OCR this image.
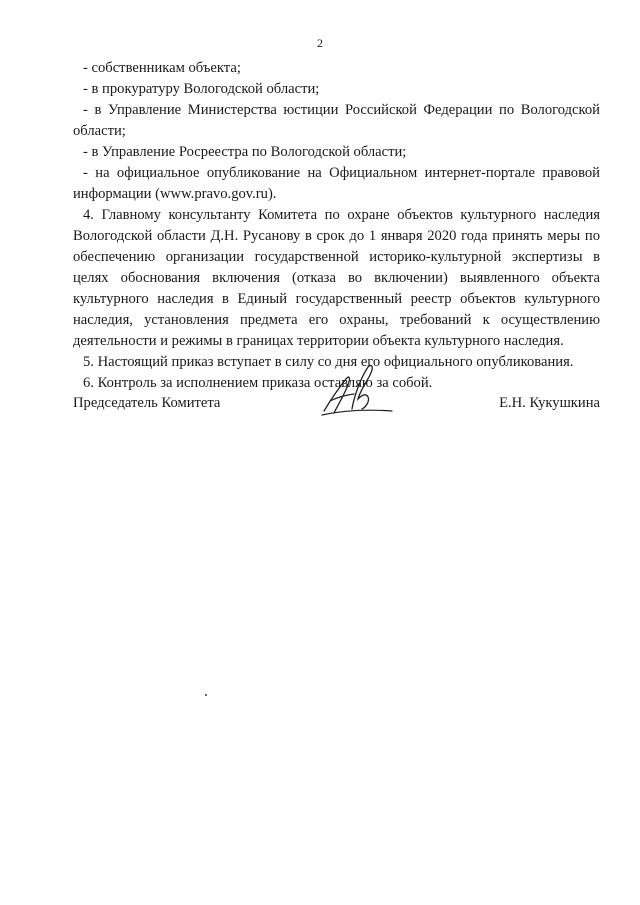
2

- собственникам объекта;

- в прокуратуру Вологодской области;

- в Управление Министерства юстиции Российской Федерации по Вологодской области;

- в Управление Росреестра по Вологодской области;

- на официальное опубликование на Официальном интернет-портале правовой информации (www.pravo.gov.ru).

4. Главному консультанту Комитета по охране объектов культурного наследия Вологодской области Д.Н. Русанову в срок до 1 января 2020 года принять меры по обеспечению организации государственной историко-культурной экспертизы в целях обоснования включения (отказа во включении) выявленного объекта культурного наследия в Единый государственный реестр объектов культурного наследия, установления предмета его охраны, требований к осуществлению деятельности и режимы в границах территории объекта культурного наследия.

5. Настоящий приказ вступает в силу со дня его официального опубликования.

6. Контроль за исполнением приказа оставляю за собой.

Председатель Комитета	Е.Н. Кукушкина
